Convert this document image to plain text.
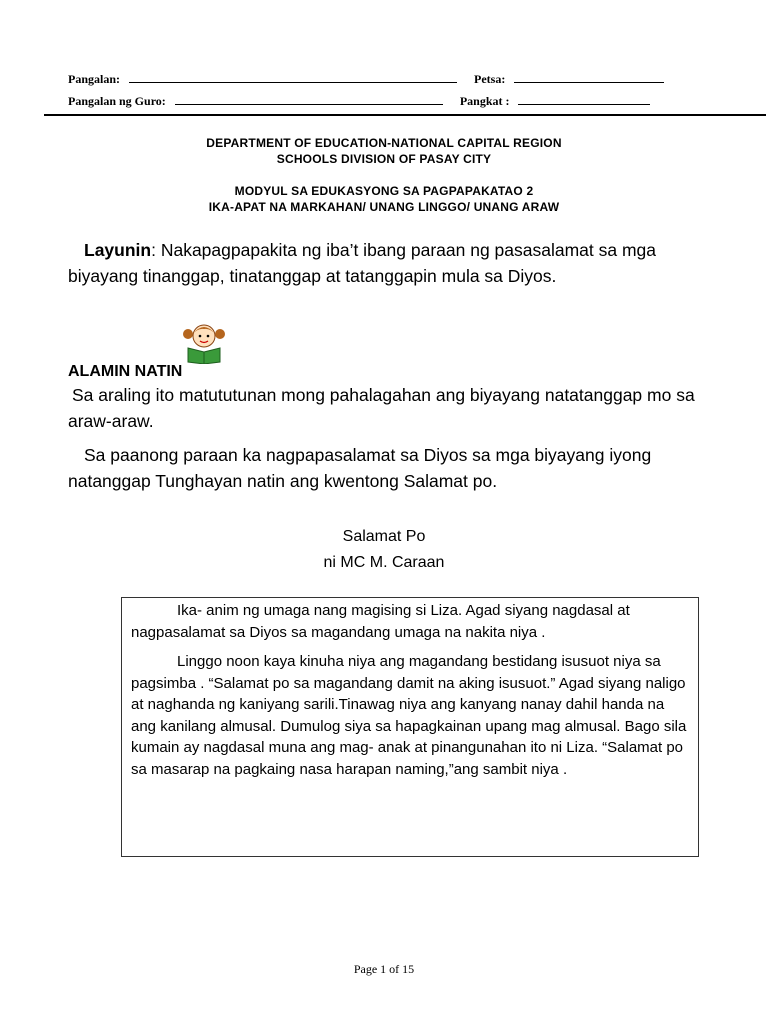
Pangalan:	Petsa:
Pangalan ng Guro:	Pangkat :
DEPARTMENT OF EDUCATION-NATIONAL CAPITAL REGION
SCHOOLS DIVISION OF PASAY CITY
MODYUL SA EDUKASYONG SA PAGPAPAKATAO 2
IKA-APAT NA MARKAHAN/ UNANG LINGGO/ UNANG ARAW
Layunin: Nakapagpapakita ng iba’t ibang paraan ng pasasalamat sa mga biyayang tinanggap, tinatanggap at tatanggapin mula sa Diyos.
ALAMIN NATIN
Sa araling ito matututunan mong pahalagahan ang biyayang natatanggap mo sa araw-araw.
Sa paanong paraan ka nagpapasalamat sa Diyos sa mga biyayang iyong natanggap Tunghayan natin ang kwentong Salamat po.
Salamat Po
ni MC M. Caraan

Ika- anim ng umaga nang magising si Liza. Agad siyang nagdasal at nagpasalamat sa Diyos sa magandang umaga na nakita niya .

Linggo noon kaya kinuha niya ang magandang bestidang isusuot niya sa pagsimba . “Salamat po sa magandang damit na aking isusuot.” Agad siyang naligo at naghanda ng kaniyang sarili.Tinawag niya ang kanyang nanay dahil handa na ang kanilang almusal. Dumulog siya sa hapagkainan upang mag almusal. Bago sila kumain ay nagdasal muna ang mag- anak at pinangunahan ito ni Liza. “Salamat po sa masarap na pagkaing nasa harapan naming,”ang sambit niya .

Page 1 of 15
